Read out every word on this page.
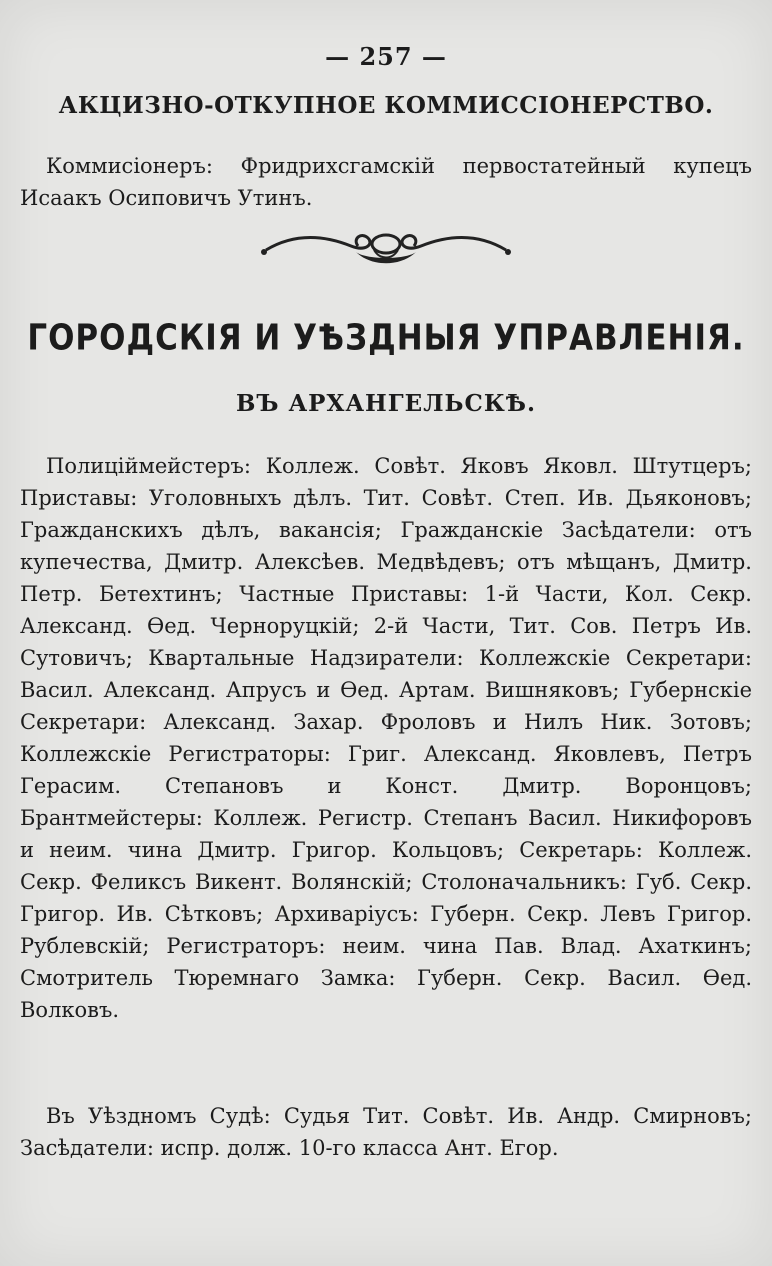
— 257 —
АКЦИЗНО-ОТКУПНОЕ КОММИССIОНЕРСТВО.
Коммисiонеръ: Фридрихсгамскiй первостатейный купецъ Исаакъ Осиповичъ Утинъ.
ГОРОДСКIЯ И УѢЗДНЫЯ УПРАВЛЕНIЯ.
ВЪ АРХАНГЕЛЬСКѢ.
Полицiймейстеръ: Коллеж. Совѣт. Яковъ Яковл. Штутцеръ; Приставы: Уголовныхъ дѣлъ. Тит. Совѣт. Степ. Ив. Дьяконовъ; Гражданскихъ дѣлъ, вакансiя; Гражданскiе Засѣдатели: отъ купечества, Дмитр. Алексѣев. Медвѣдевъ; отъ мѣщанъ, Дмитр. Петр. Бетехтинъ; Частные Приставы: 1-й Части, Кол. Секр. Александ. Ѳед. Черноруцкiй; 2-й Части, Тит. Сов. Петръ Ив. Сутовичъ; Квартальные Надзиратели: Коллежскiе Секретари: Васил. Александ. Апрусъ и Ѳед. Артам. Вишняковъ; Губернскiе Секретари: Александ. Захар. Фроловъ и Нилъ Ник. Зотовъ; Коллежскiе Регистраторы: Григ. Александ. Яковлевъ, Петръ Герасим. Степановъ и Конст. Дмитр. Воронцовъ; Брантмейстеры: Коллеж. Регистр. Степанъ Васил. Никифоровъ и неим. чина Дмитр. Григор. Кольцовъ; Секретарь: Коллеж. Секр. Феликсъ Викент. Волянскiй; Столоначальникъ: Губ. Секр. Григор. Ив. Сѣтковъ; Архиварiусъ: Губерн. Секр. Левъ Григор. Рублевскiй; Регистраторъ: неим. чина Пав. Влад. Ахаткинъ; Смотритель Тюремнаго Замка: Губерн. Секр. Васил. Ѳед. Волковъ.
Въ Уѣздномъ Судѣ: Судья Тит. Совѣт. Ив. Андр. Смирновъ; Засѣдатели: испр. долж. 10-го класса Ант. Егор.
